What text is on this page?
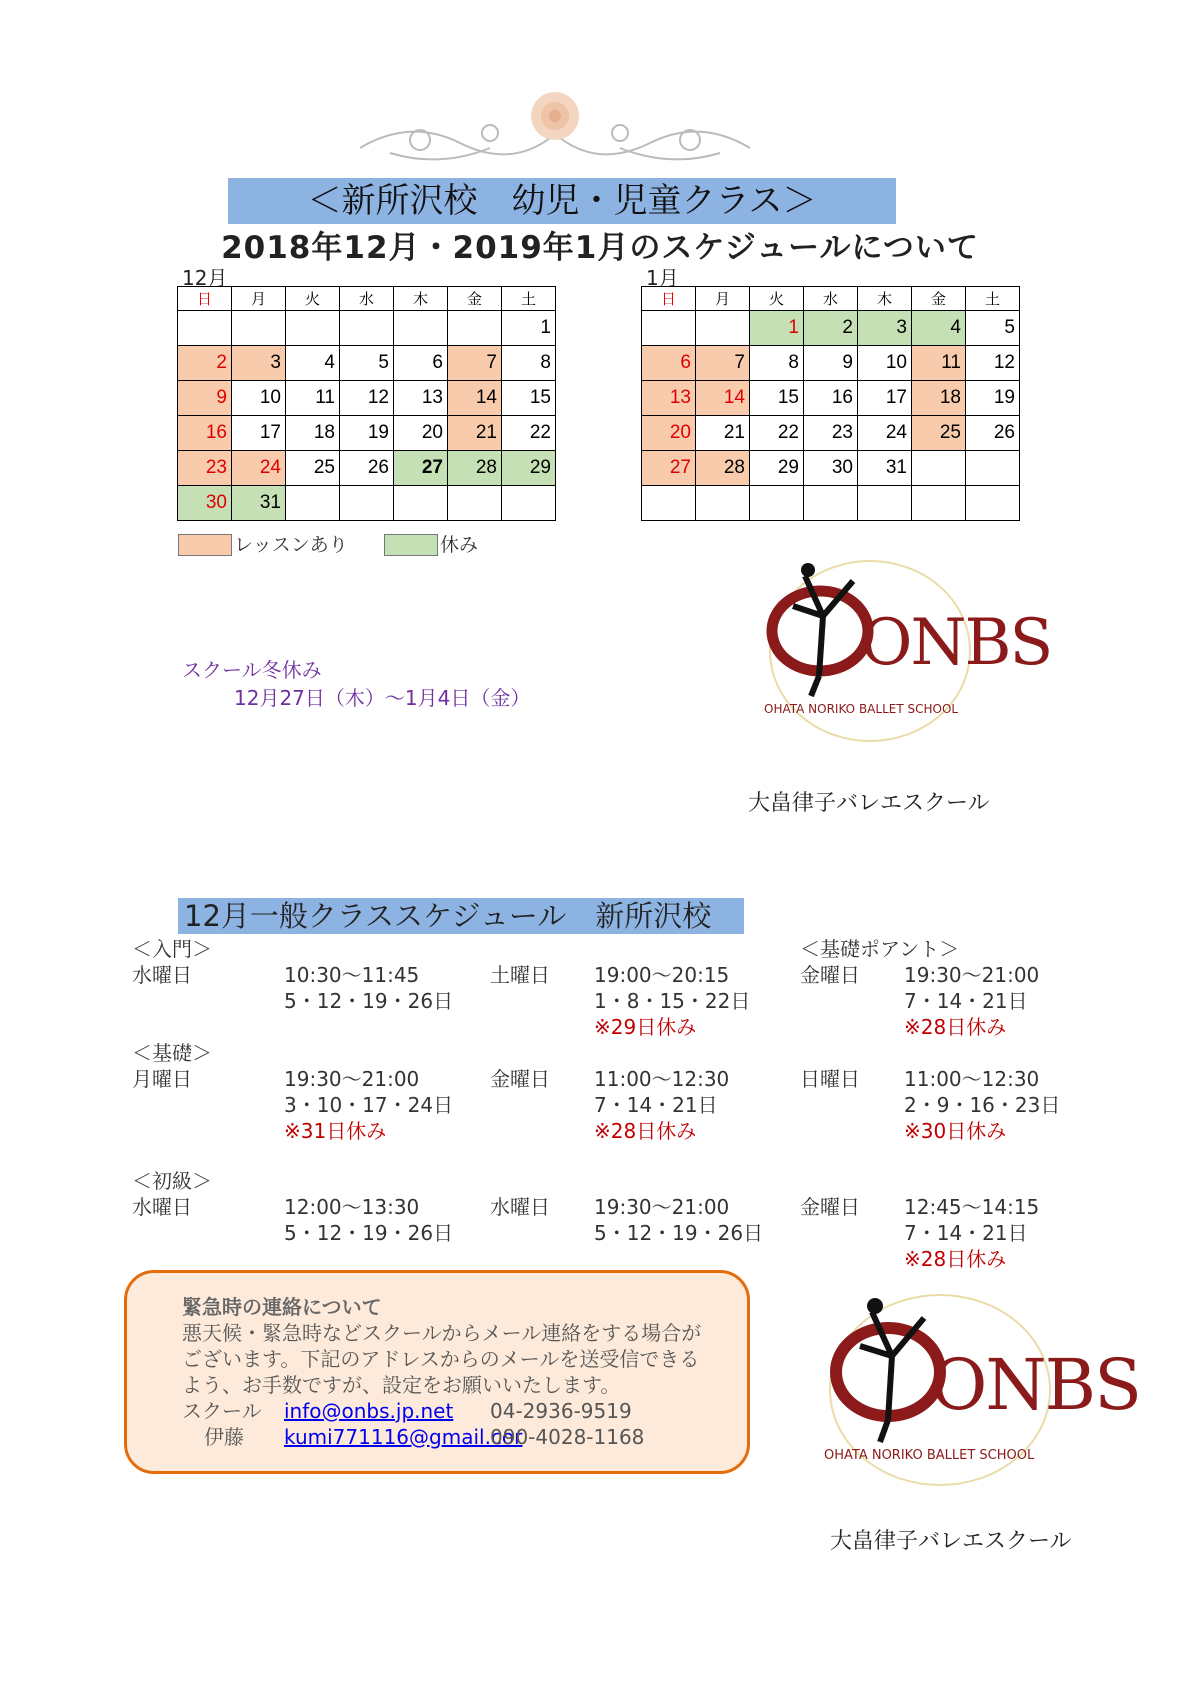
＜新所沢校　幼児・児童クラス＞
2018年12月・2019年1月のスケジュールについて
12月
日	月	火	水	木	金	土
						1
2	3	4	5	6	7	8
9	10	11	12	13	14	15
16	17	18	19	20	21	22
23	24	25	26	27	28	29
30	31					
1月
日	月	火	水	木	金	土
		1	2	3	4	5
6	7	8	9	10	11	12
13	14	15	16	17	18	19
20	21	22	23	24	25	26
27	28	29	30	31		

レッスンあり	休み
スクール冬休み
12月27日（木）～1月4日（金）
ONBS
OHATA NORIKO BALLET SCHOOL
大畠律子バレエスクール
12月一般クラススケジュール　新所沢校
＜入門＞
水曜日	10:30～11:45
5・12・19・26日
土曜日 19:00～20:15
1・8・15・22日
※29日休み
＜基礎ポアント＞
金曜日 19:30～21:00
7・14・21日
※28日休み
＜基礎＞
月曜日	19:30～21:00
3・10・17・24日
※31日休み
金曜日 11:00～12:30
7・14・21日
※28日休み
日曜日 11:00～12:30
2・9・16・23日
※30日休み
＜初級＞
水曜日	12:00～13:30
5・12・19・26日
水曜日 19:30～21:00
5・12・19・26日
金曜日 12:45～14:15
7・14・21日
※28日休み
緊急時の連絡について
悪天候・緊急時などスクールからメール連絡をする場合が
ございます。下記のアドレスからのメールを送受信できる
よう、お手数ですが、設定をお願いいたします。
スクール info@onbs.jp.net 04-2936-9519
伊藤 kumi771116@gmail.cor
090-4028-1168
ONBS
OHATA NORIKO BALLET SCHOOL
大畠律子バレエスクール
